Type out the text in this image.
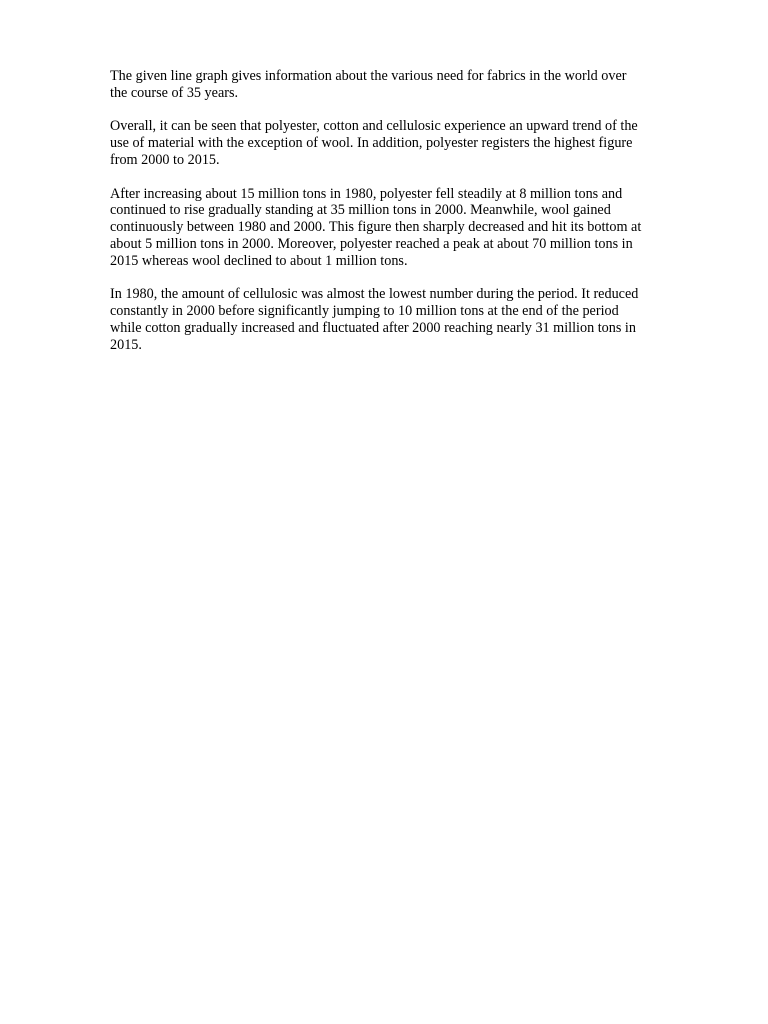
The given line graph gives information about the various need for fabrics in the world over
the course of 35 years.

Overall, it can be seen that polyester, cotton and cellulosic experience an upward trend of the
use of material with the exception of wool. In addition, polyester registers the highest figure
from 2000 to 2015.

After increasing about 15 million tons in 1980, polyester fell steadily at 8 million tons and
continued to rise gradually standing at 35 million tons in 2000. Meanwhile, wool gained
continuously between 1980 and 2000. This figure then sharply decreased and hit its bottom at
about 5 million tons in 2000. Moreover, polyester reached a peak at about 70 million tons in
2015 whereas wool declined to about 1 million tons.

In 1980, the amount of cellulosic was almost the lowest number during the period. It reduced
constantly in 2000 before significantly jumping to 10 million tons at the end of the period
while cotton gradually increased and fluctuated after 2000 reaching nearly 31 million tons in
2015.
